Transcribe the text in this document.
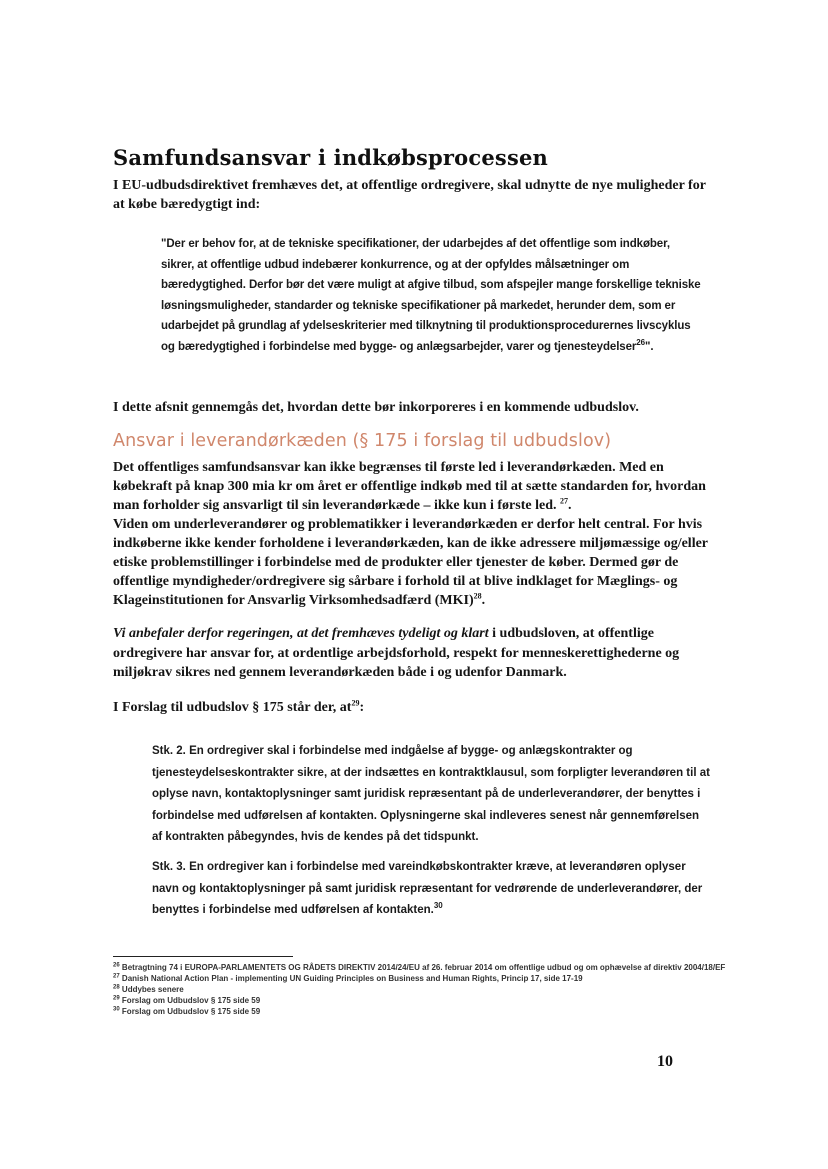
Samfundsansvar i indkøbsprocessen
I EU-udbudsdirektivet fremhæves det, at offentlige ordregivere, skal udnytte de nye muligheder for at købe bæredygtigt ind:
"Der er behov for, at de tekniske specifikationer, der udarbejdes af det offentlige som indkøber, sikrer, at offentlige udbud indebærer konkurrence, og at der opfyldes målsætninger om bæredygtighed. Derfor bør det være muligt at afgive tilbud, som afspejler mange forskellige tekniske løsningsmuligheder, standarder og tekniske specifikationer på markedet, herunder dem, som er udarbejdet på grundlag af ydelseskriterier med tilknytning til produktionsprocedurernes livscyklus og bæredygtighed i forbindelse med bygge- og anlægsarbejder, varer og tjenesteydelser$^{26}$".
I dette afsnit gennemgås det, hvordan dette bør inkorporeres i en kommende udbudslov.
Ansvar i leverandørkæden (§ 175 i forslag til udbudslov)
Det offentliges samfundsansvar kan ikke begrænses til første led i leverandørkæden. Med en købekraft på knap 300 mia kr om året er offentlige indkøb med til at sætte standarden for, hvordan man forholder sig ansvarligt til sin leverandørkæde – ikke kun i første led. $^{27}$.
Viden om underleverandører og problematikker i leverandørkæden er derfor helt central. For hvis indkøberne ikke kender forholdene i leverandørkæden, kan de ikke adressere miljømæssige og/eller etiske problemstillinger i forbindelse med de produkter eller tjenester de køber. Dermed gør de offentlige myndigheder/ordregivere sig sårbare i forhold til at blive indklaget for Mæglings- og Klageinstitutionen for Ansvarlig Virksomhedsadfærd (MKI)$^{28}$.
Vi anbefaler derfor regeringen, at det fremhæves tydeligt og klart i udbudsloven, at offentlige ordregivere har ansvar for, at ordentlige arbejdsforhold, respekt for menneskerettighederne og miljøkrav sikres ned gennem leverandørkæden både i og udenfor Danmark.
I Forslag til udbudslov § 175 står der, $at^{29}$:
Stk. 2. En ordregiver skal i forbindelse med indgåelse af bygge- og anlægskontrakter og tjenesteydelseskontrakter sikre, at der indsættes en kontraktklausul, som forpligter leverandøren til at oplyse navn, kontaktoplysninger samt juridisk repræsentant på de underleverandører, der benyttes i forbindelse med udførelsen af kontakten. Oplysningerne skal indleveres senest når gennemførelsen af kontrakten påbegyndes, hvis de kendes på det tidspunkt.
Stk. 3. En ordregiver kan i forbindelse med vareindkøbskontrakter kræve, at leverandøren oplyser navn og kontaktoplysninger på samt juridisk repræsentant for vedrørende de underleverandører, der benyttes i forbindelse med udførelsen af kontakten.$^{30}$
$^{26}$ Betragtning 74 i EUROPA-PARLAMENTETS OG RÅDETS DIREKTIV 2014/24/EU af 26. februar 2014 om offentlige udbud og om ophævelse af direktiv 2004/18/EF
$^{27}$ Danish National Action Plan - implementing UN Guiding Principles on Business and Human Rights, Princip 17, side 17-19
$^{28}$ Uddybes senere
$^{29}$ Forslag om Udbudslov § 175 side 59
$^{30}$ Forslag om Udbudslov § 175 side 59
10
